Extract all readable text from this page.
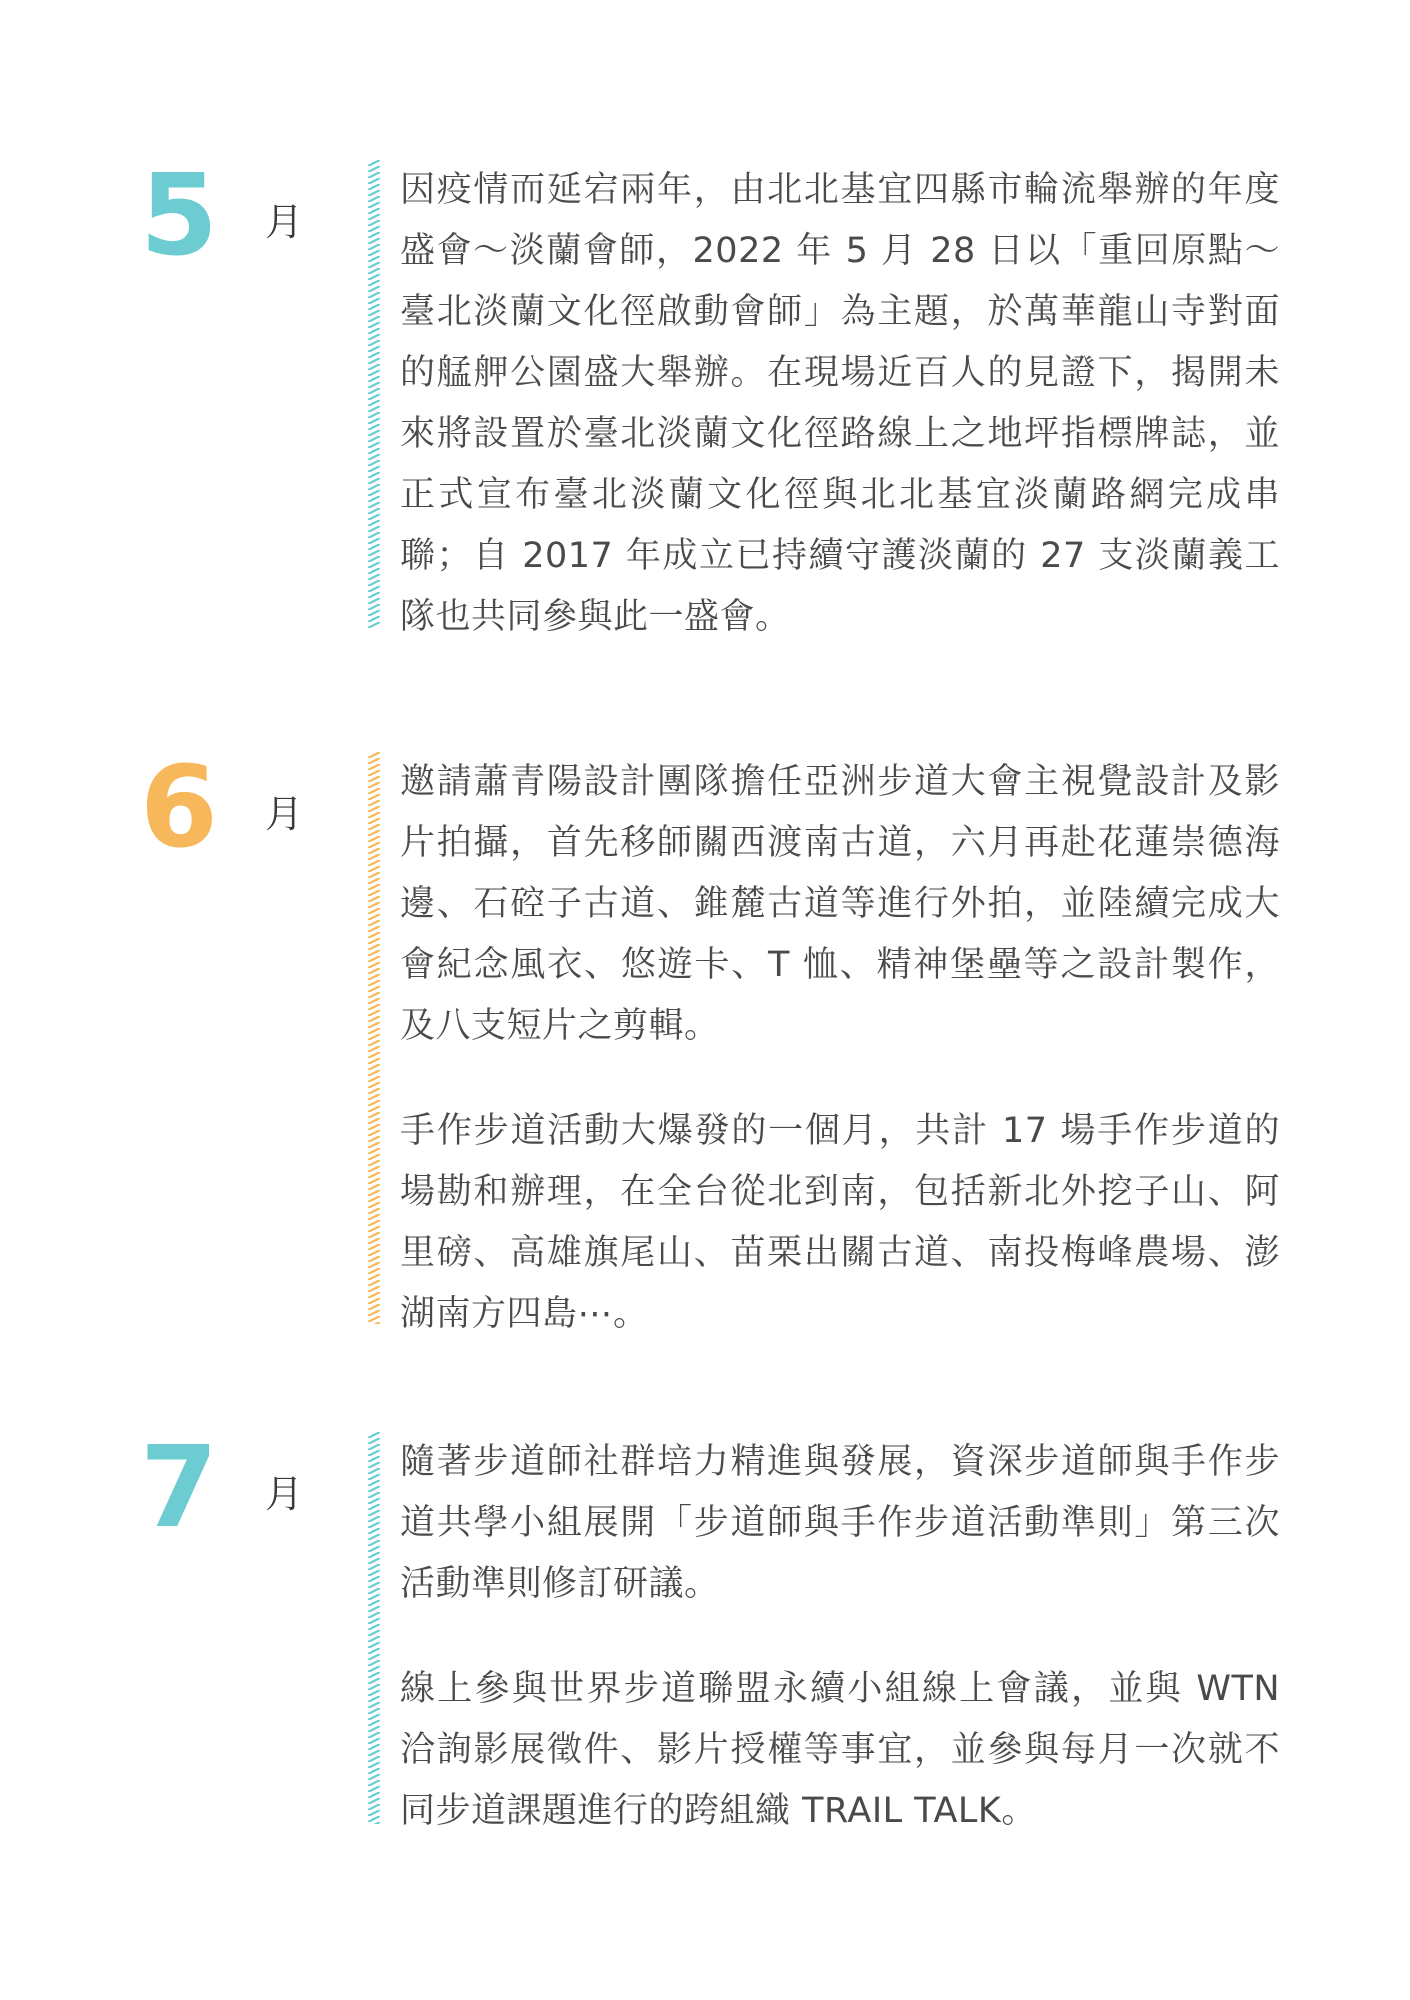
5 月

因疫情而延宕兩年，由北北基宜四縣市輪流舉辦的年度盛會～淡蘭會師，2022 年 5 月 28 日以「重回原點～臺北淡蘭文化徑啟動會師」為主題，於萬華龍山寺對面的艋舺公園盛大舉辦。在現場近百人的見證下，揭開未來將設置於臺北淡蘭文化徑路線上之地坪指標牌誌，並正式宣布臺北淡蘭文化徑與北北基宜淡蘭路網完成串聯；自 2017 年成立已持續守護淡蘭的 27 支淡蘭義工隊也共同參與此一盛會。

6 月

邀請蕭青陽設計團隊擔任亞洲步道大會主視覺設計及影片拍攝，首先移師關西渡南古道，六月再赴花蓮崇德海邊、石硿子古道、錐麓古道等進行外拍，並陸續完成大會紀念風衣、悠遊卡、T 恤、精神堡壘等之設計製作，及八支短片之剪輯。

手作步道活動大爆發的一個月，共計 17 場手作步道的場勘和辦理，在全台從北到南，包括新北外挖子山、阿里磅、高雄旗尾山、苗栗出關古道、南投梅峰農場、澎湖南方四島⋯。

7 月

隨著步道師社群培力精進與發展，資深步道師與手作步道共學小組展開「步道師與手作步道活動準則」第三次活動準則修訂研議。

線上參與世界步道聯盟永續小組線上會議，並與 WTN 洽詢影展徵件、影片授權等事宜，並參與每月一次就不同步道課題進行的跨組織 TRAIL TALK。
